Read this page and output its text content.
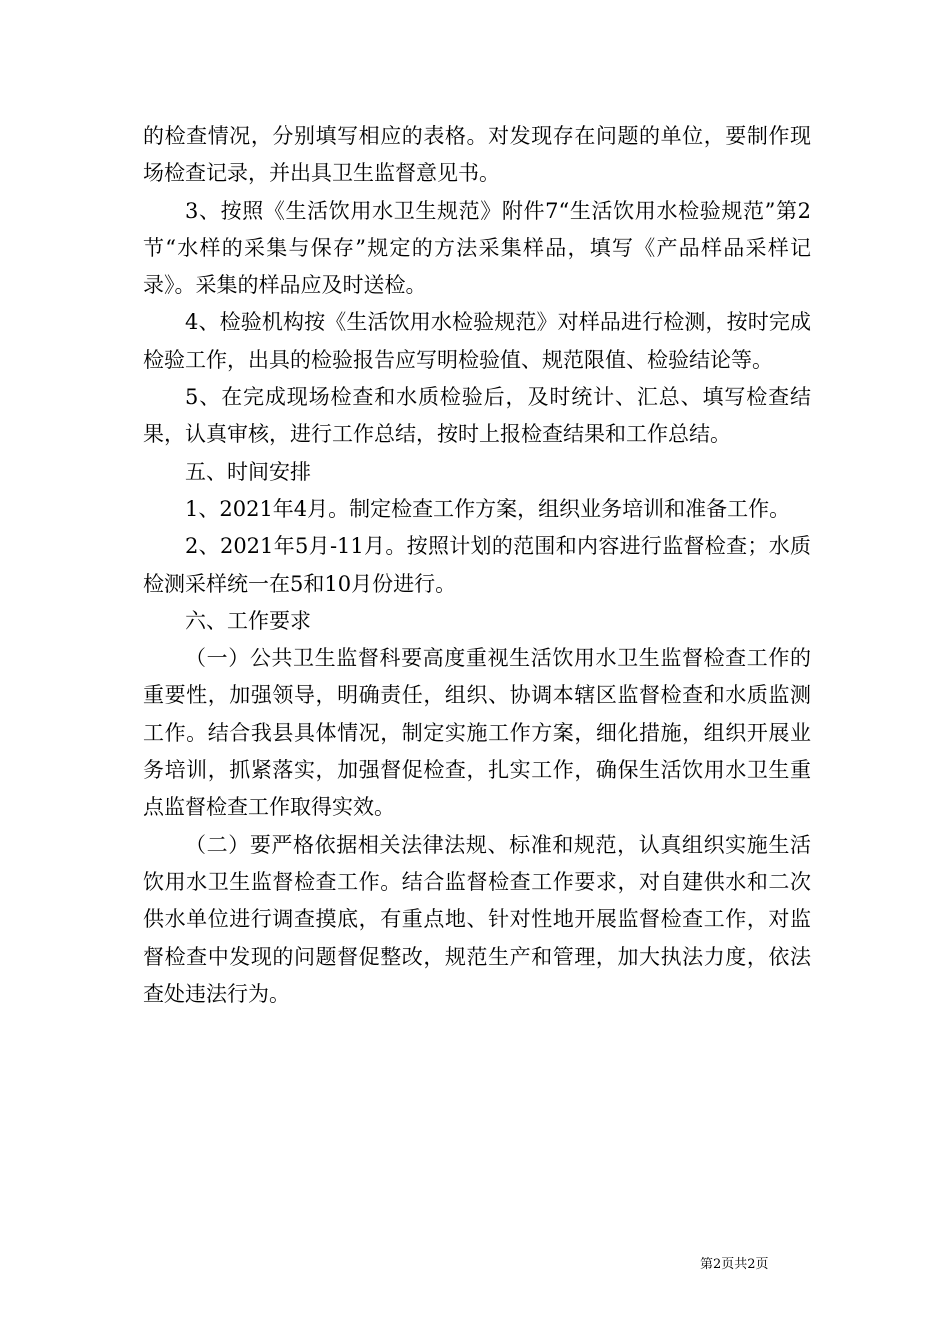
的检查情况，分别填写相应的表格。对发现存在问题的单位，要制作现场检查记录，并出具卫生监督意见书。

3、按照《生活饮用水卫生规范》附件7“生活饮用水检验规范”第2节“水样的采集与保存”规定的方法采集样品，填写《产品样品采样记录》。采集的样品应及时送检。

4、检验机构按《生活饮用水检验规范》对样品进行检测，按时完成检验工作，出具的检验报告应写明检验值、规范限值、检验结论等。

5、在完成现场检查和水质检验后，及时统计、汇总、填写检查结果，认真审核，进行工作总结，按时上报检查结果和工作总结。

五、时间安排

1、2021年4月。制定检查工作方案，组织业务培训和准备工作。

2、2021年5月-11月。按照计划的范围和内容进行监督检查；水质检测采样统一在5和10月份进行。

六、工作要求

（一）公共卫生监督科要高度重视生活饮用水卫生监督检查工作的重要性，加强领导，明确责任，组织、协调本辖区监督检查和水质监测工作。结合我县具体情况，制定实施工作方案，细化措施，组织开展业务培训，抓紧落实，加强督促检查，扎实工作，确保生活饮用水卫生重点监督检查工作取得实效。

（二）要严格依据相关法律法规、标准和规范，认真组织实施生活饮用水卫生监督检查工作。结合监督检查工作要求，对自建供水和二次供水单位进行调查摸底，有重点地、针对性地开展监督检查工作，对监督检查中发现的问题督促整改，规范生产和管理，加大执法力度，依法查处违法行为。

第2页共2页
